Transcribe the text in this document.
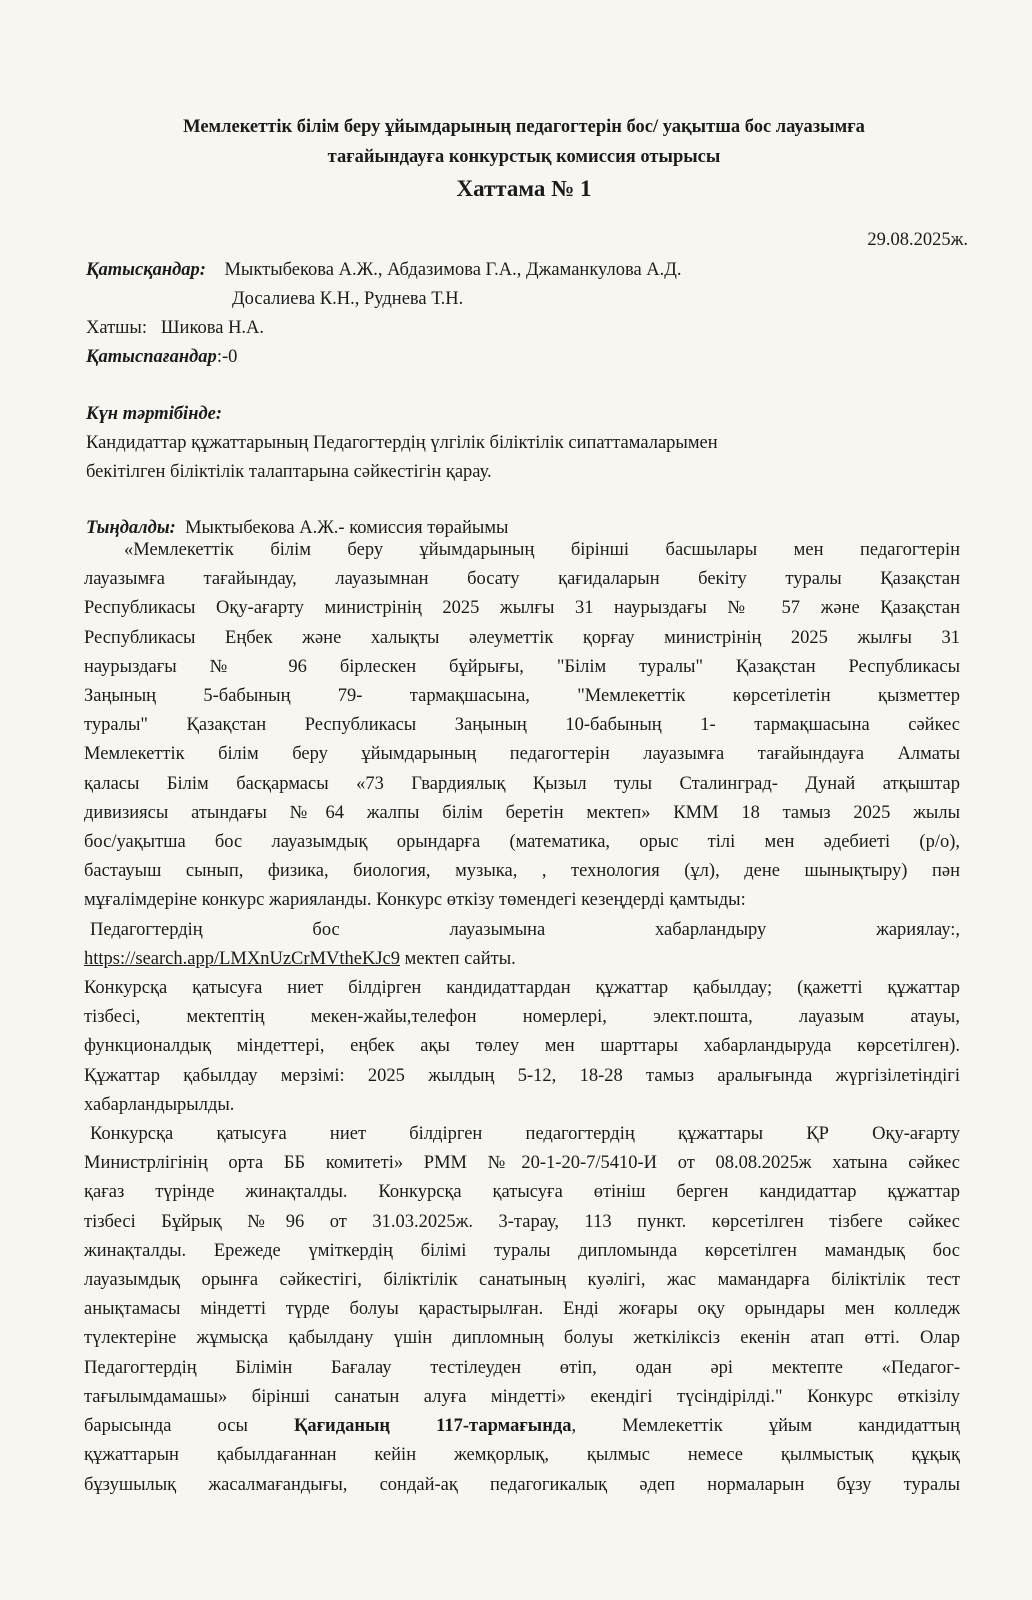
Мемлекеттік білім беру ұйымдарының педагогтерін бос/ уақытша бос лауазымға
тағайындауға конкурстық комиссия отырысы
Хаттама № 1
29.08.2025ж.
Қатысқандар: Мыктыбекова А.Ж., Абдазимова Г.А., Джаманкулова А.Д.
Досалиева К.Н., Руднева Т.Н.
Хатшы: Шикова Н.А.
Қатыспағандар:-0
Күн тәртібінде:
Кандидаттар құжаттарының Педагогтердің үлгілік біліктілік сипаттамаларымен
бекітілген біліктілік талаптарына сәйкестігін қарау.
Тыңдалды: Мыктыбекова А.Ж.- комиссия төрайымы
«Мемлекеттік білім беру ұйымдарының бірінші басшылары мен педагогтерін
лауазымға тағайындау, лауазымнан босату қағидаларын бекіту туралы Қазақстан
Республикасы Оқу-ағарту министрінің 2025 жылғы 31 наурыздағы № 57 және Қазақстан
Республикасы Еңбек және халықты әлеуметтік қорғау министрінің 2025 жылғы 31
наурыздағы № 96 бірлескен бұйрығы, "Білім туралы" Қазақстан Республикасы
Заңының 5-бабының 79- тармақшасына, "Мемлекеттік көрсетілетін қызметтер
туралы" Қазақстан Республикасы Заңының 10-бабының 1- тармақшасына сәйкес
Мемлекеттік білім беру ұйымдарының педагогтерін лауазымға тағайындауға Алматы
қаласы Білім басқармасы «73 Гвардиялық Қызыл тулы Сталинград- Дунай атқыштар
дивизиясы атындағы №64 жалпы білім беретін мектеп» КММ 18 тамыз 2025 жылы
бос/уақытша бос лауазымдық орындарға (математика, орыс тілі мен әдебиеті (р/о),
бастауыш сынып, физика, биология, музыка, , технология (ұл), дене шынықтыру) пән
мұғалімдеріне конкурс жарияланды. Конкурс өткізу төмендегі кезеңдерді қамтыды:
Педагогтердің бос лауазымына хабарландыру жариялау:,
https://search.app/LMXnUzCrMVtheKJc9 мектеп сайты.
Конкурсқа қатысуға ниет білдірген кандидаттардан құжаттар қабылдау; (қажетті құжаттар
тізбесі, мектептің мекен-жайы,телефон номерлері, элект.пошта, лауазым атауы,
функционалдық міндеттері, еңбек ақы төлеу мен шарттары хабарландыруда көрсетілген).
Құжаттар қабылдау мерзімі: 2025 жылдың 5-12, 18-28 тамыз аралығында жүргізілетіндігі
хабарландырылды.
Конкурсқа қатысуға ниет білдірген педагогтердің құжаттары ҚР Оқу-ағарту
Министрлігінің орта ББ комитеті» РММ №20-1-20-7/5410-И от 08.08.2025ж хатына сәйкес
қағаз түрінде жинақталды. Конкурсқа қатысуға өтініш берген кандидаттар құжаттар
тізбесі Бұйрық №96 от 31.03.2025ж. 3-тарау, 113 пункт. көрсетілген тізбеге сәйкес
жинақталды. Ережеде үміткердің білімі туралы дипломында көрсетілген мамандық бос
лауазымдық орынға сәйкестігі, біліктілік санатының куәлігі, жас мамандарға біліктілік тест
анықтамасы міндетті түрде болуы қарастырылған. Енді жоғары оқу орындары мен колледж
түлектеріне жұмысқа қабылдану үшін дипломның болуы жеткіліксіз екенін атап өтті. Олар
Педагогтердің Білімін Бағалау тестілеуден өтіп, одан әрі мектепте «Педагог-
тағылымдамашы» бірінші санатын алуға міндетті» екендігі түсіндірілді." Конкурс өткізілу
барысында осы Қағиданың 117-тармағында, Мемлекеттік ұйым кандидаттың
құжаттарын қабылдағаннан кейін жемқорлық, қылмыс немесе қылмыстық құқық
бұзушылық жасалмағандығы, сондай-ақ педагогикалық әдеп нормаларын бұзу туралы
